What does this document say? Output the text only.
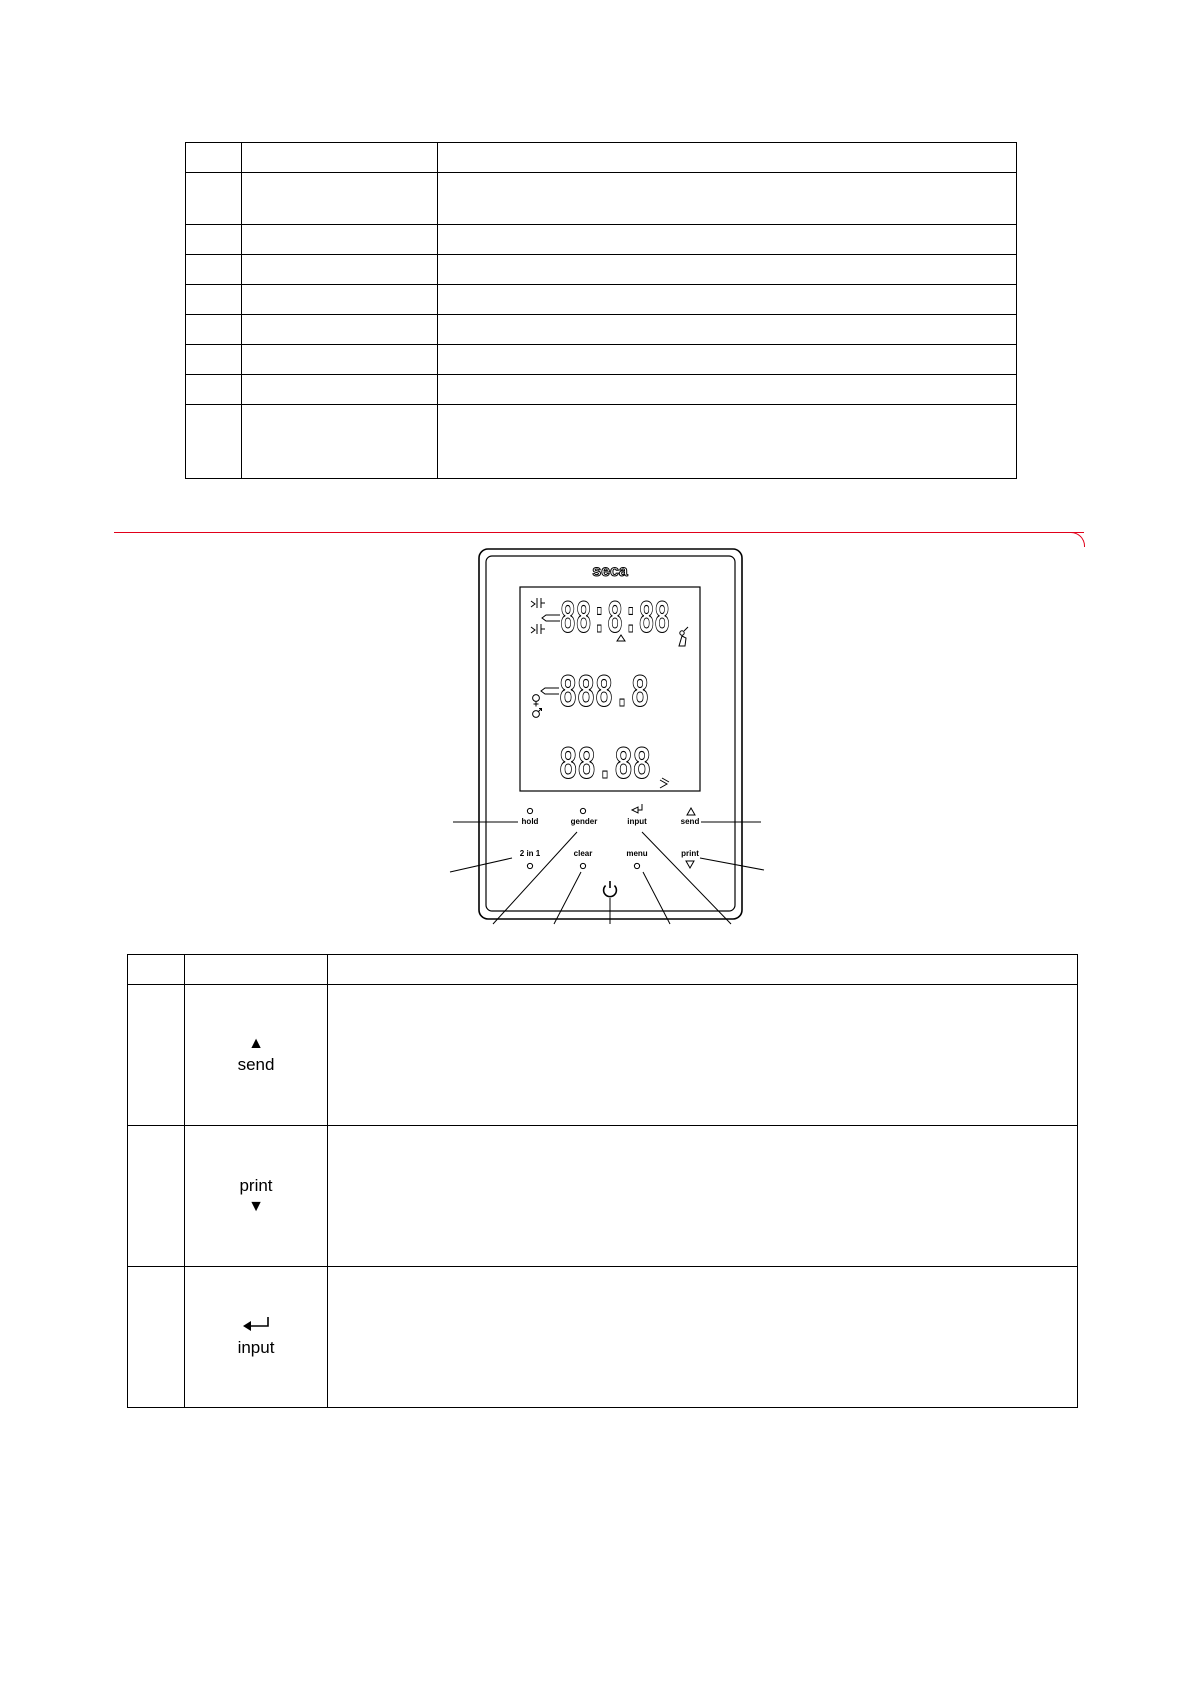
seca
88:8:88
888.8
88.88
hold	gender	input	send
2 in 1	clear	menu	print

	▲
send	

	print
▼	

input	
